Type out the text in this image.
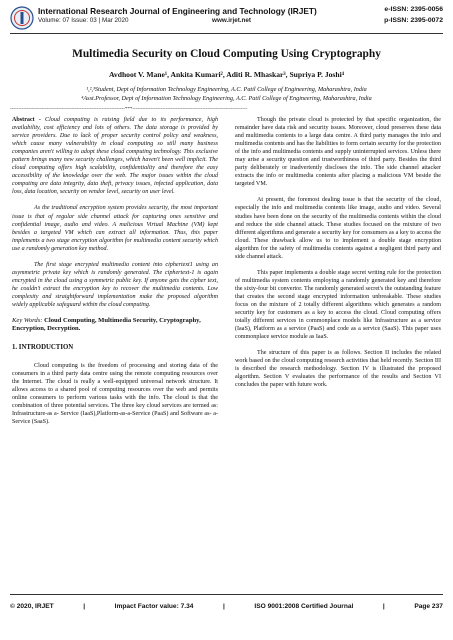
International Research Journal of Engineering and Technology (IRJET)
Volume: 07 Issue: 03 | Mar 2020	www.irjet.net
e-ISSN: 2395-0056
p-ISSN: 2395-0072
Multimedia Security on Cloud Computing Using Cryptography
Avdhoot V. Mane¹, Ankita Kumari², Aditi R. Mhaskar³, Supriya P. Joshi⁴
¹,²,³Student, Dept of Information Technology Engineering, A.C. Patil College of Engineering, Maharashtra, India
⁴Asst.Professor, Dept of Information Technology Engineering, A.C. Patil College of Engineering, Maharashtra, India
---------------------------------------------------------------------***---------------------------------------------------------------------

Abstract - Cloud computing is raising field due to its performance, high availability, cost efficiency and lots of others. The data storage is provided by service providers. Due to lack of proper security control policy and weakness, which cause many vulnerability in cloud computing so still many business companies aren't willing to adopt these cloud computing technology. This exclusive pattern brings many new security challenges, which haven't been well implicit. The cloud computing offers high scalability, confidentiality and therefore the easy accessibility of the knowledge over the web. The major issues within the cloud computing are data integrity, data theft, privacy issues, infected application, data loss, data location, security on vendor level, security on user level.

As the traditional encryption system provides security, the most important issue is that of regular side channel attack for capturing ones sensitive and confidential image, audio and video. A malicious Virtual Machine (VM) kept besides a targeted VM which can extract all information. Thus, this paper implements a two stage encryption algorithm for multimedia content security which use a randomly generation key method.

The first stage encrypted multimedia content into ciphertext1 using an asymmetric private key which is randomly generated. The ciphertext-1 is again encrypted in the cloud using a symmetric public key. If anyone gets the cipher text, he couldn't extract the encryption key to recover the multimedia contents. Low complexity and straightforward implementation make the proposed algorithm widely applicable safeguard within the cloud computing.

Key Words: Cloud Computing, Multimedia Security, Cryptography, Encryption, Decryption.

1. INTRODUCTION

Cloud computing is the freedom of processing and storing data of the consumers in a third party data centre using the remote computing resources over the Internet. The cloud is really a well-equipped universal network structure. It allows access to a shared pool of computing resources over the web and permits online consumers to perform various tasks with the info. The cloud is that the combination of three potential services. The three key cloud services are termed as: Infrastructure-as a- Service (IaaS),Platform-as-a-Service (PaaS) and Software as- a-Service (SaaS).

Though the private cloud is protected by that specific organization, the remainder have data risk and security issues. Moreover, cloud preserves these data and multimedia contents to a large data centre. A third party manages the info and multimedia contents and has the liabilities to form certain security for the protection of the info and multimedia contents and supply uninterrupted services. Unless there may arise a security question and trustworthiness of third party. Besides the third party deliberately or inadvertently discloses the info. The side channel attacker extracts the info or multimedia contents after placing a malicious VM beside the targeted VM.

At present, the foremost dealing issue is that the security of the cloud, especially the info and multimedia contents like image, audio and video. Several studies have been done on the security of the multimedia contents within the cloud and reduce the side channel attack. These studies focused on the mixture of two different algorithms and generate a security key for consumers as a key to access the cloud. These drawback allow us to to implement a double stage encryption algorithm for the safety of multimedia contents against a negligent third party and side channel attack.

This paper implements a double stage secret writing rule for the protection of multimedia system contents employing a randomly generated key and therefore the sixty-four bit convertor. The randomly generated secret's the outstanding feature that creates the second stage encrypted information unbreakable. These studies focus on the mixture of 2 totally different algorithms which generates a random security key for customers as a key to access the cloud. Cloud computing offers totally different services in commonplace models like Infrastructure as a service (IaaS), Platform as a service (PaaS) and code as a service (SaaS). This paper uses commonplace service module as IaaS.

The structure of this paper is as follows. Section II includes the related work based on the cloud computing research activities that held recently. Section III is described the research methodology. Section IV is illustrated the proposed algorithm. Section V evaluates the performance of the results and Section VI concludes the paper with future work.

© 2020, IRJET	|	Impact Factor value: 7.34	|	ISO 9001:2008 Certified Journal	|	Page 237
